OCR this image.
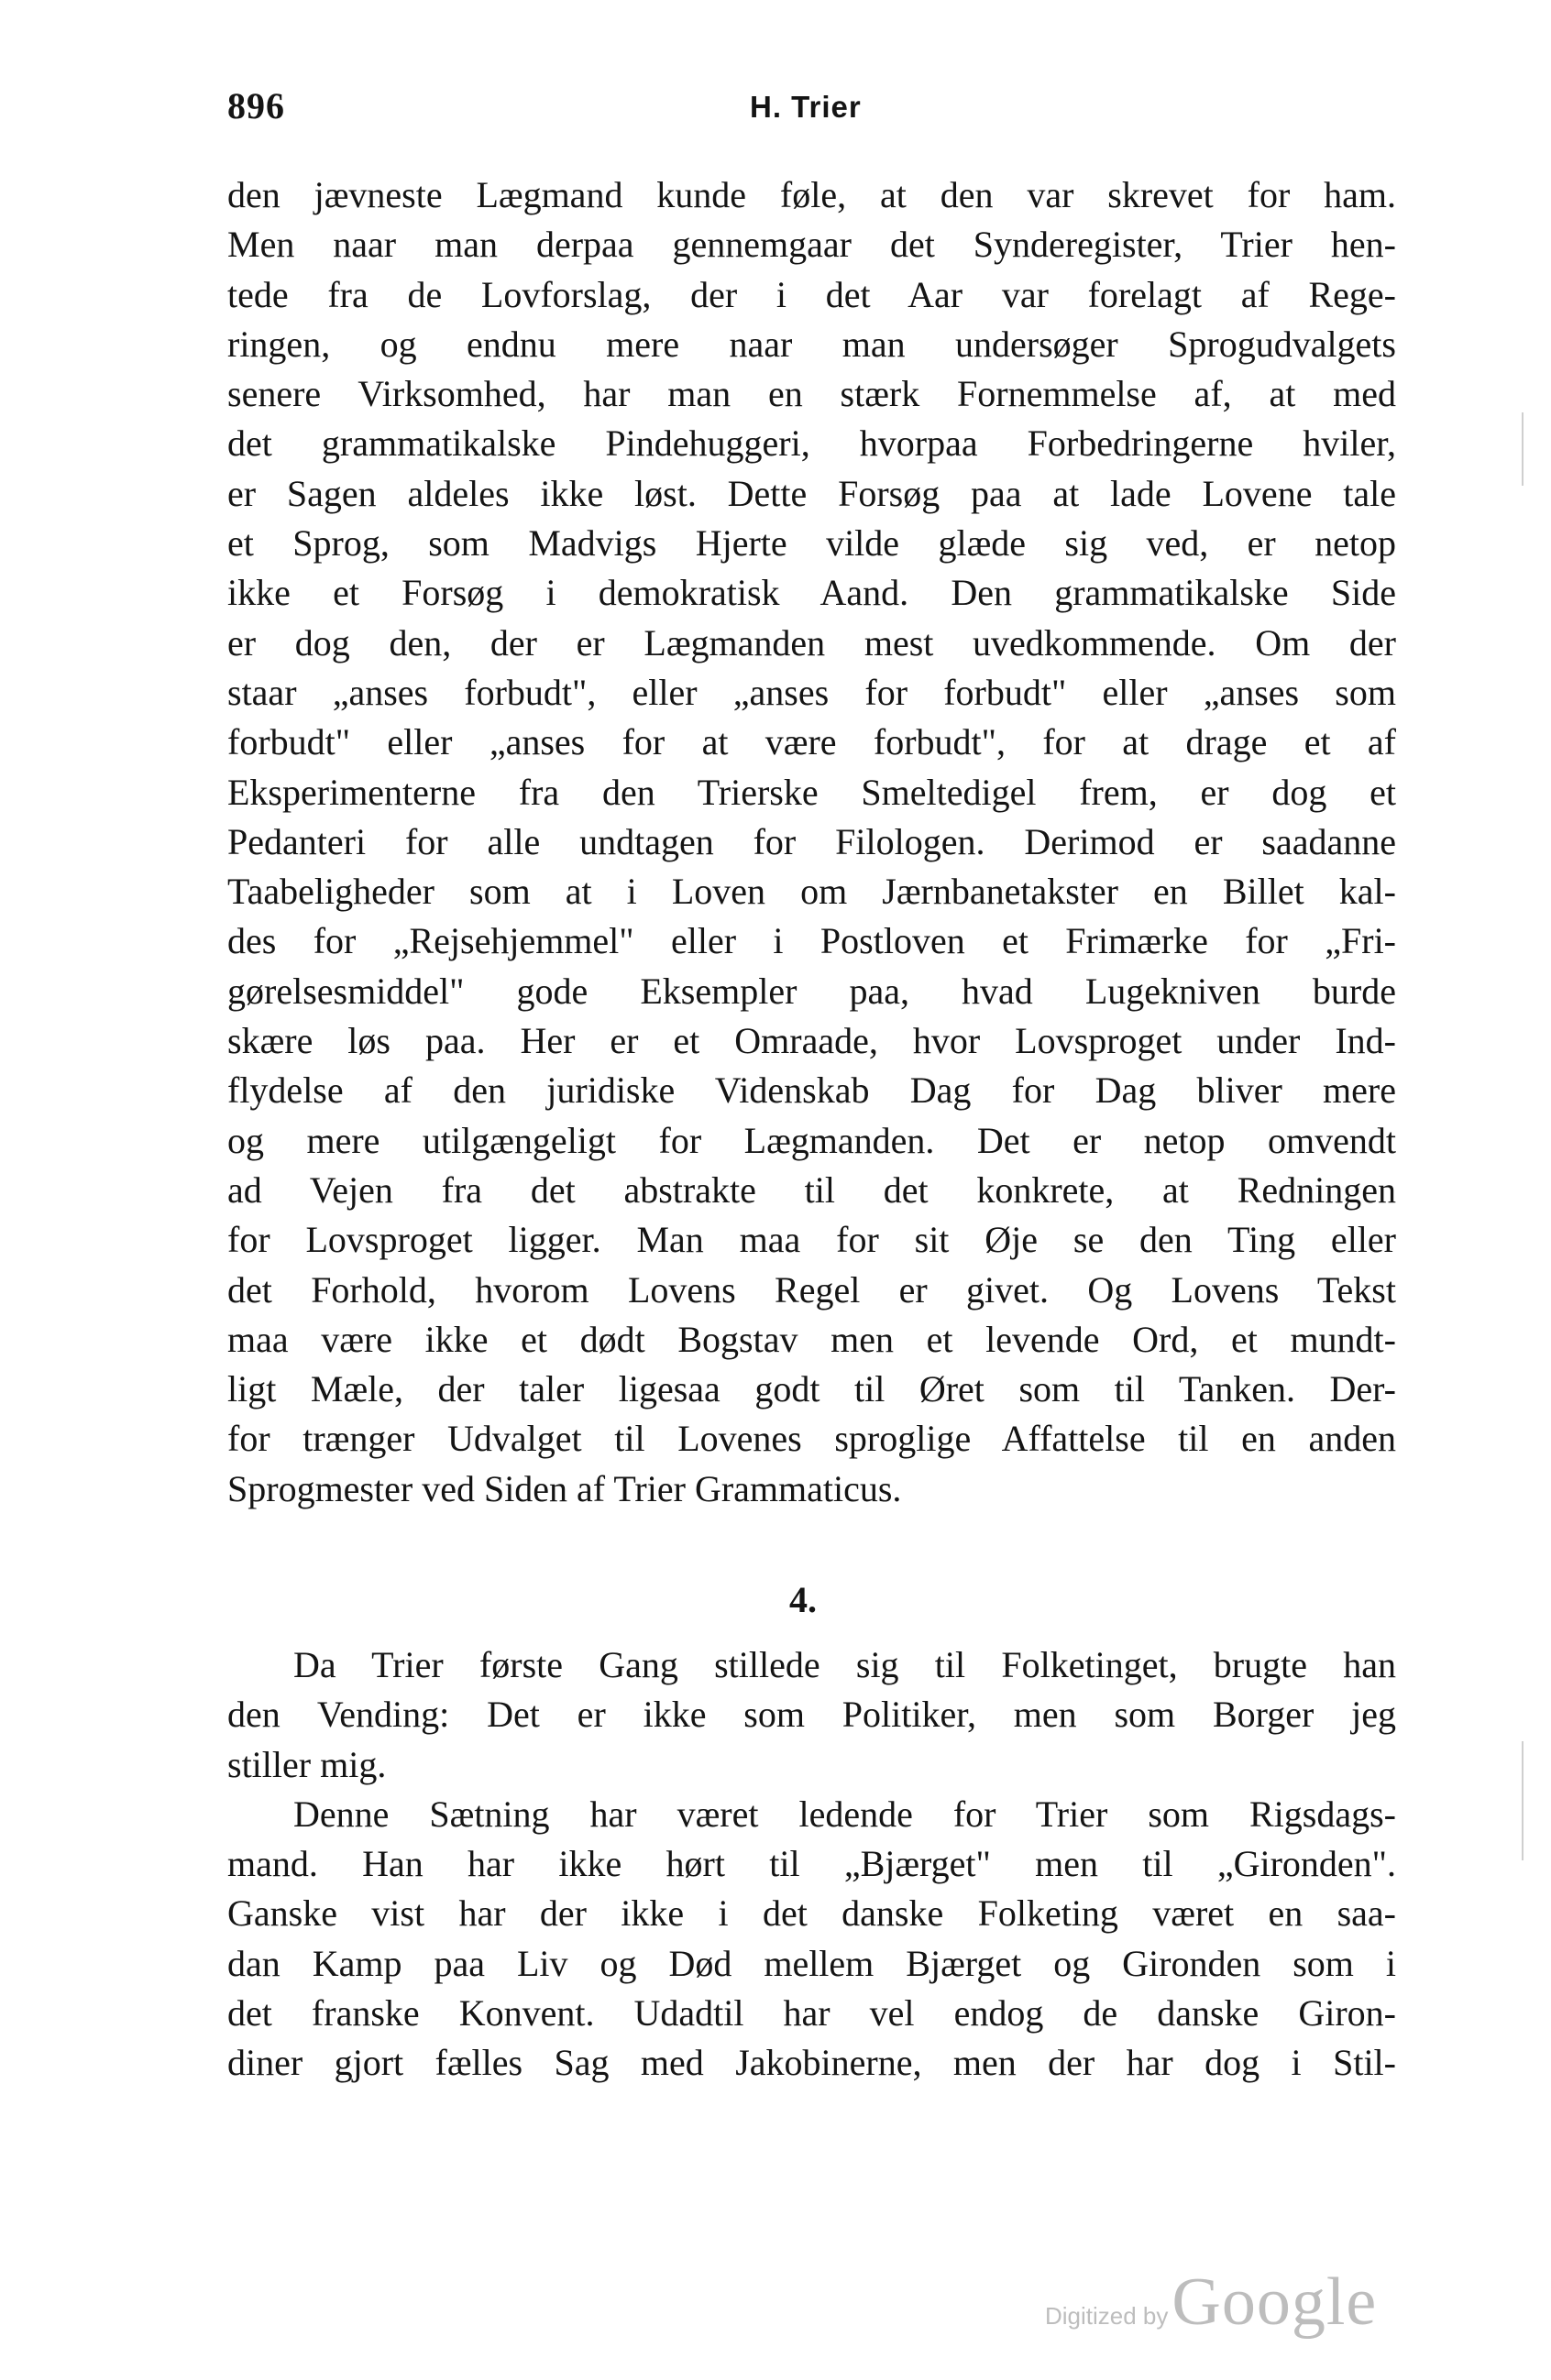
896	H. Trier
den jævneste Lægmand kunde føle, at den var skrevet for ham.
Men naar man derpaa gennemgaar det Synderegister, Trier hen-
tede fra de Lovforslag, der i det Aar var forelagt af Rege-
ringen, og endnu mere naar man undersøger Sprogudvalgets
senere Virksomhed, har man en stærk Fornemmelse af, at med
det grammatikalske Pindehuggeri, hvorpaa Forbedringerne hviler,
er Sagen aldeles ikke løst. Dette Forsøg paa at lade Lovene tale
et Sprog, som Madvigs Hjerte vilde glæde sig ved, er netop
ikke et Forsøg i demokratisk Aand. Den grammatikalske Side
er dog den, der er Lægmanden mest uvedkommende. Om der
staar „anses forbudt", eller „anses for forbudt" eller „anses som
forbudt" eller „anses for at være forbudt", for at drage et af
Eksperimenterne fra den Trierske Smeltedigel frem, er dog et
Pedanteri for alle undtagen for Filologen. Derimod er saadanne
Taabeligheder som at i Loven om Jærnbanetakster en Billet kal-
des for „Rejsehjemmel" eller i Postloven et Frimærke for „Fri-
gørelsesmiddel" gode Eksempler paa, hvad Lugekniven burde
skære løs paa. Her er et Omraade, hvor Lovsproget under Ind-
flydelse af den juridiske Videnskab Dag for Dag bliver mere
og mere utilgængeligt for Lægmanden. Det er netop omvendt
ad Vejen fra det abstrakte til det konkrete, at Redningen
for Lovsproget ligger. Man maa for sit Øje se den Ting eller
det Forhold, hvorom Lovens Regel er givet. Og Lovens Tekst
maa være ikke et dødt Bogstav men et levende Ord, et mundt-
ligt Mæle, der taler ligesaa godt til Øret som til Tanken. Der-
for trænger Udvalget til Lovenes sproglige Affattelse til en anden
Sprogmester ved Siden af Trier Grammaticus.
4.
Da Trier første Gang stillede sig til Folketinget, brugte han
den Vending: Det er ikke som Politiker, men som Borger jeg
stiller mig.
Denne Sætning har været ledende for Trier som Rigsdags-
mand. Han har ikke hørt til „Bjærget" men til „Gironden".
Ganske vist har der ikke i det danske Folketing været en saa-
dan Kamp paa Liv og Død mellem Bjærget og Gironden som i
det franske Konvent. Udadtil har vel endog de danske Giron-
diner gjort fælles Sag med Jakobinerne, men der har dog i Stil-
Digitized by Google
